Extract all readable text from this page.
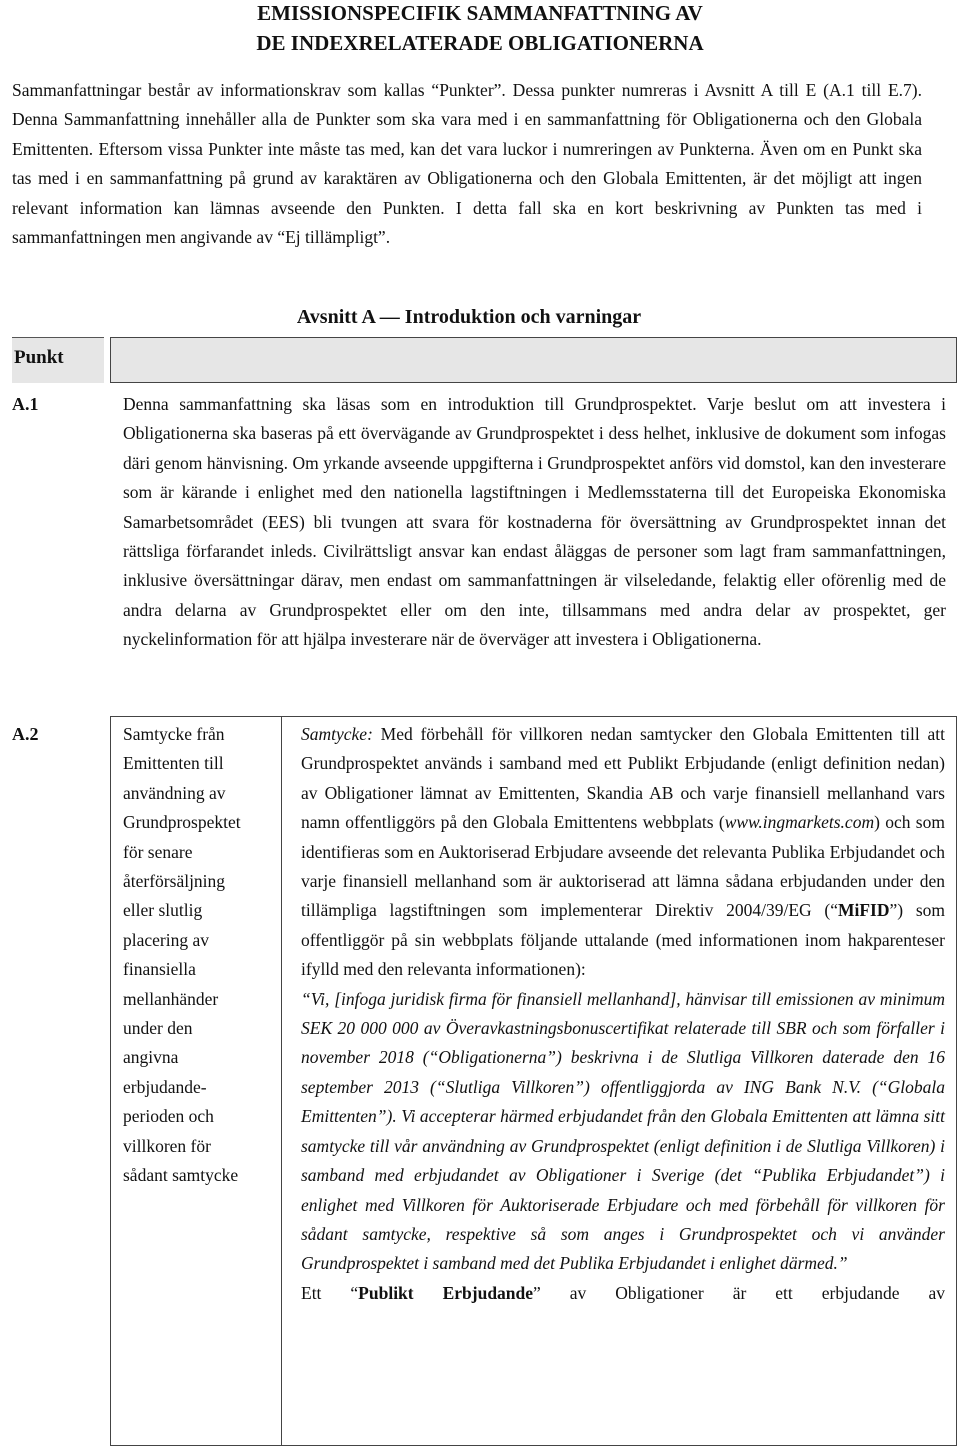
EMISSIONSPECIFIK SAMMANFATTNING AV
DE INDEXRELATERADE OBLIGATIONERNA

Sammanfattningar består av informationskrav som kallas “Punkter”. Dessa punkter numreras i Avsnitt A till E (A.1 till E.7). Denna Sammanfattning innehåller alla de Punkter som ska vara med i en sammanfattning för Obligationerna och den Globala Emittenten. Eftersom vissa Punkter inte måste tas med, kan det vara luckor i numreringen av Punkterna. Även om en Punkt ska tas med i en sammanfattning på grund av karaktären av Obligationerna och den Globala Emittenten, är det möjligt att ingen relevant information kan lämnas avseende den Punkten. I detta fall ska en kort beskrivning av Punkten tas med i sammanfattningen men angivande av “Ej tillämpligt”.

Avsnitt A — Introduktion och varningar
Punkt
A.1	Denna sammanfattning ska läsas som en introduktion till Grundprospektet. Varje beslut om att investera i Obligationerna ska baseras på ett övervägande av Grundprospektet i dess helhet, inklusive de dokument som infogas däri genom hänvisning. Om yrkande avseende uppgifterna i Grundprospektet anförs vid domstol, kan den investerare som är kärande i enlighet med den nationella lagstiftningen i Medlemsstaterna till det Europeiska Ekonomiska Samarbetsområdet (EES) bli tvungen att svara för kostnaderna för översättning av Grundprospektet innan det rättsliga förfarandet inleds. Civilrättsligt ansvar kan endast åläggas de personer som lagt fram sammanfattningen, inklusive översättningar därav, men endast om sammanfattningen är vilseledande, felaktig eller oförenlig med de andra delarna av Grundprospektet eller om den inte, tillsammans med andra delar av prospektet, ger nyckelinformation för att hjälpa investerare när de överväger att investera i Obligationerna.

A.2	Samtycke från
Emittenten till
användning av
Grundprospektet
för senare
återförsäljning
eller slutlig
placering av
finansiella
mellanhänder
under den
angivna
erbjudande-
perioden och
villkoren för
sådant samtycke

Samtycke: Med förbehåll för villkoren nedan samtycker den Globala Emittenten till att Grundprospektet används i samband med ett Publikt Erbjudande (enligt definition nedan) av Obligationer lämnat av Emittenten, Skandia AB och varje finansiell mellanhand vars namn offentliggörs på den Globala Emittentens webbplats (www.ingmarkets.com) och som identifieras som en Auktoriserad Erbjudare avseende det relevanta Publika Erbjudandet och varje finansiell mellanhand som är auktoriserad att lämna sådana erbjudanden under den tillämpliga lagstiftningen som implementerar Direktiv 2004/39/EG (“MiFID”) som offentliggör på sin webbplats följande uttalande (med informationen inom hakparenteser ifylld med den relevanta informationen):

“Vi, [infoga juridisk firma för finansiell mellanhand], hänvisar till emissionen av minimum SEK 20 000 000 av Överavkastningsbonuscertifikat relaterade till SBR och som förfaller i november 2018 (“Obligationerna”) beskrivna i de Slutliga Villkoren daterade den 16 september 2013 (“Slutliga Villkoren”) offentliggjorda av ING Bank N.V. (“Globala Emittenten”). Vi accepterar härmed erbjudandet från den Globala Emittenten att lämna sitt samtycke till vår användning av Grundprospektet (enligt definition i de Slutliga Villkoren) i samband med erbjudandet av Obligationer i Sverige (det “Publika Erbjudandet”) i enlighet med Villkoren för Auktoriserade Erbjudare och med förbehåll för villkoren för sådant samtycke, respektive så som anges i Grundprospektet och vi använder Grundprospektet i samband med det Publika Erbjudandet i enlighet därmed.”

Ett “Publikt Erbjudande” av Obligationer är ett erbjudande av
